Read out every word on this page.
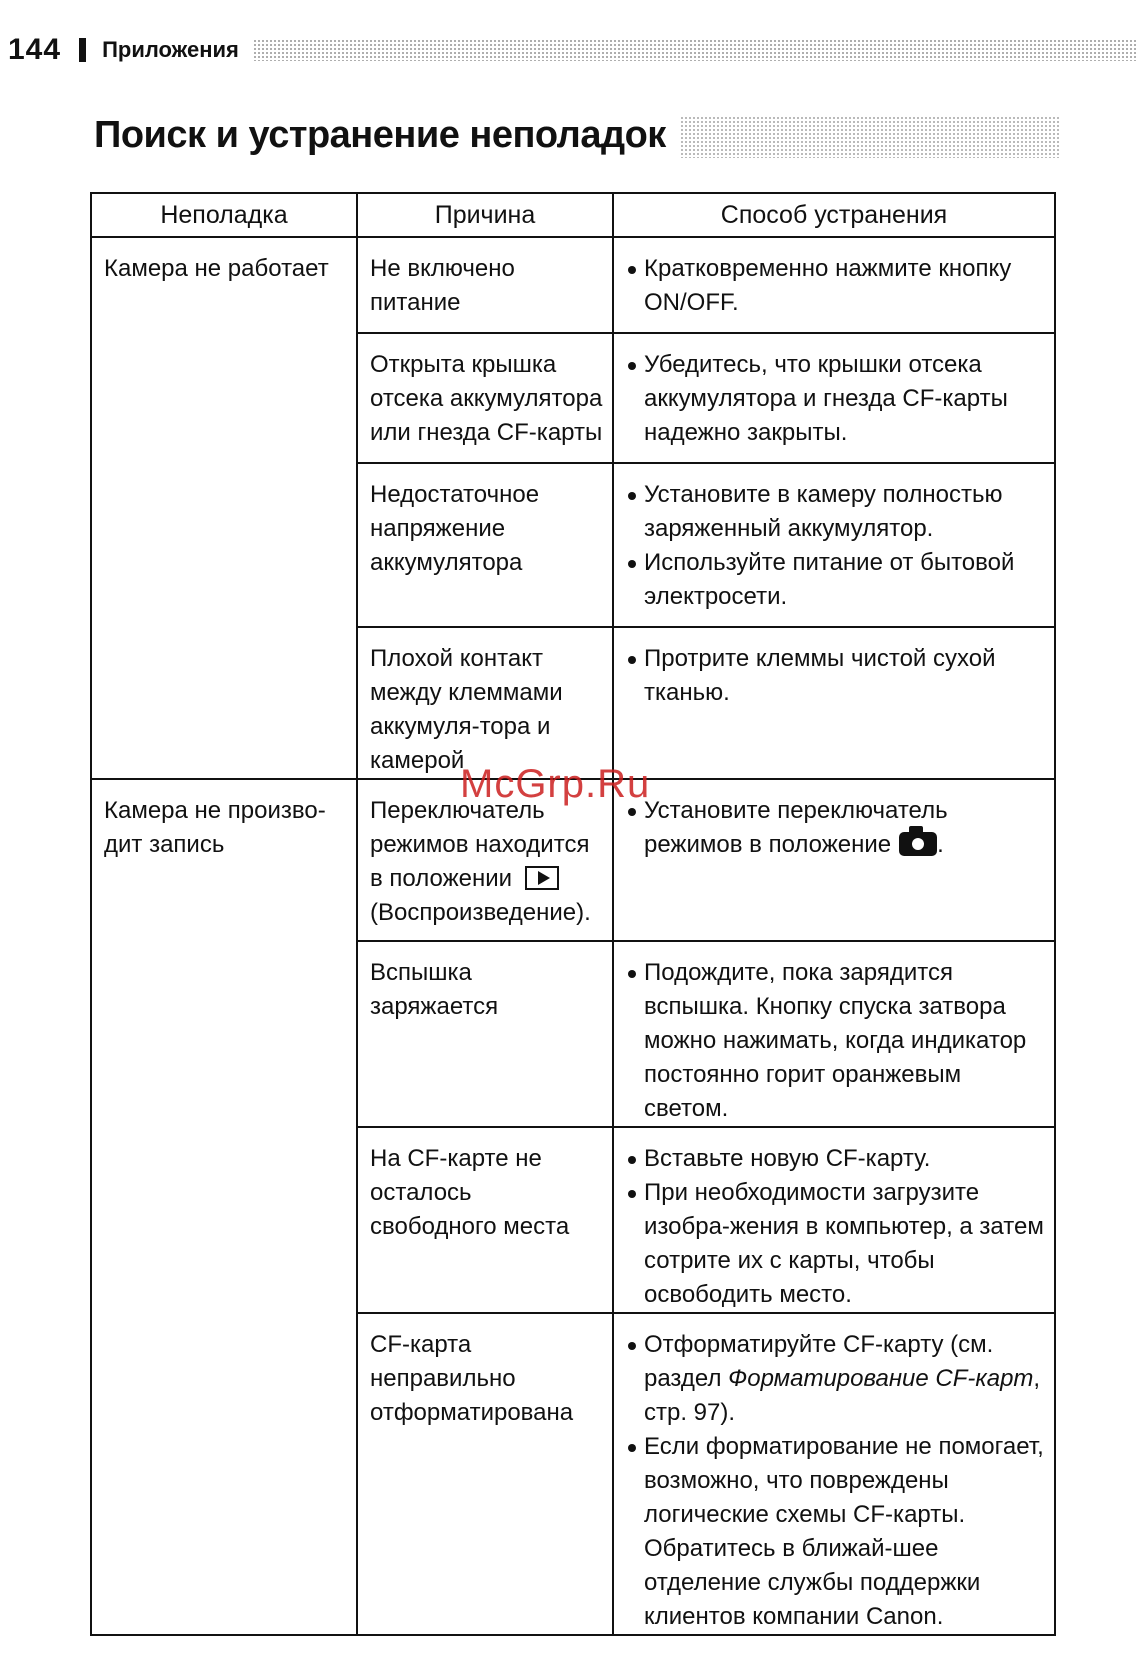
144 Приложения
Поиск и устранение неполадок
Неполадка	Причина	Способ устранения
Камера не работает	Не включено питание	Кратковременно нажмите кнопку ON/OFF.

	Открыта крышка отсека аккумулятора или гнезда CF-карты	Убедитесь, что крышки отсека аккумулятора и гнезда CF-карты надежно закрыты.

	Недостаточное напряжение аккумулятора	Установите в камеру полностью заряженный аккумулятор.
Используйте питание от бытовой электросети.

	Плохой контакт между клеммами аккумуля-тора и камерой	Протрите клеммы чистой сухой тканью.

Камера не произво-дит запись	Переключатель режимов находится в положении  (Воспроизведение).	Установите переключатель режимов в положение .

	Вспышка заряжается	Подождите, пока зарядится вспышка. Кнопку спуска затвора можно нажимать, когда индикатор постоянно горит оранжевым светом.

	На CF-карте не осталось свободного места	Вставьте новую CF-карту.
При необходимости загрузите изобра-жения в компьютер, а затем сотрите их с карты, чтобы освободить место.

	CF-карта неправильно отформатирована	Отформатируйте CF-карту (см. раздел Форматирование CF-карт, стр. 97).
Если форматирование не помогает, возможно, что повреждены логические схемы CF-карты. Обратитесь в ближай-шее отделение службы поддержки клиентов компании Canon.
McGrp.Ru
